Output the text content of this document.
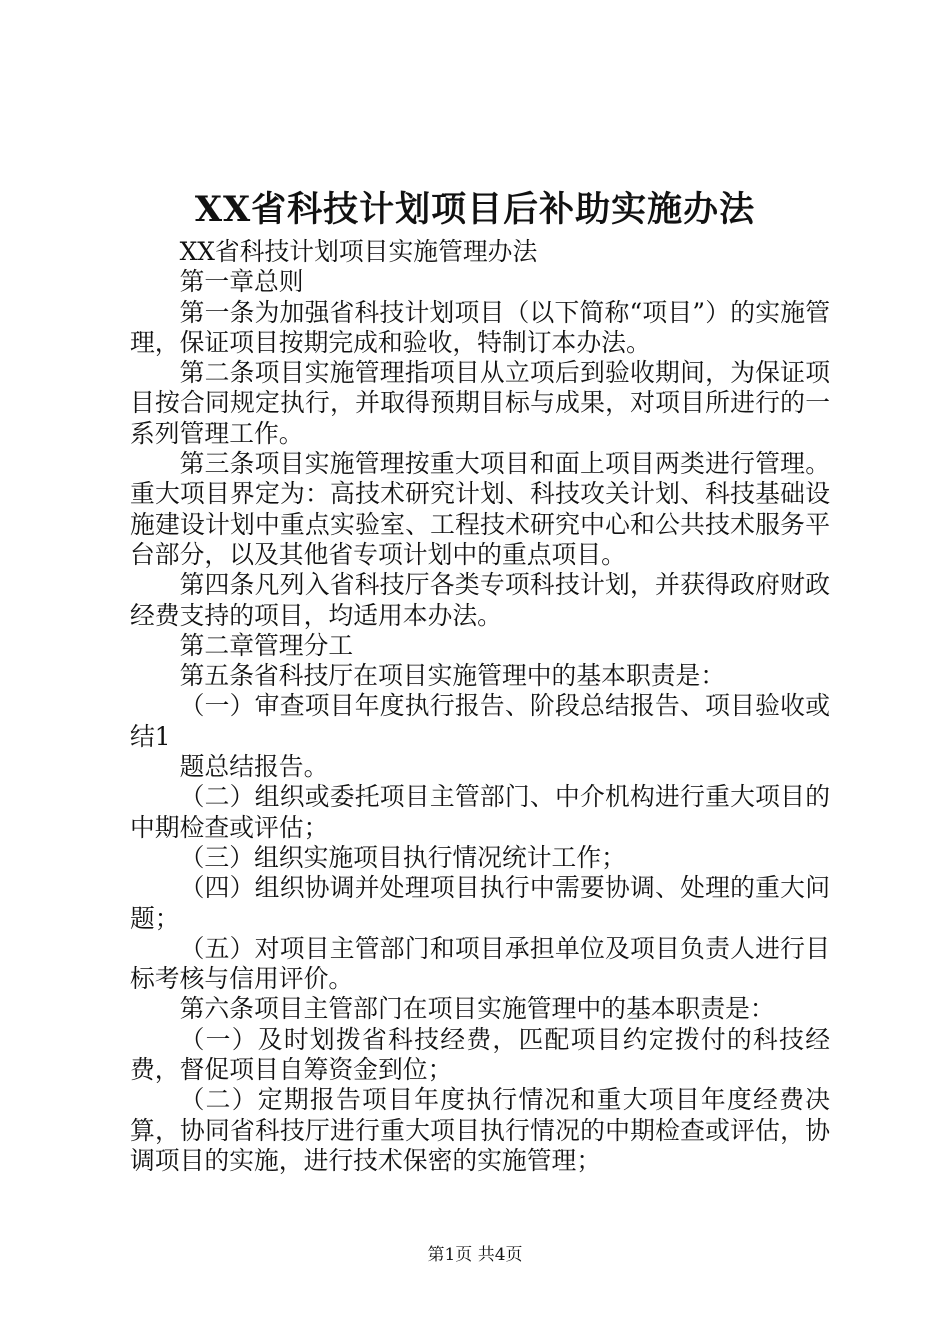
XX省科技计划项目后补助实施办法

XX省科技计划项目实施管理办法

第一章总则

第一条为加强省科技计划项目（以下简称“项目”）的实施管理，保证项目按期完成和验收，特制订本办法。

第二条项目实施管理指项目从立项后到验收期间，为保证项目按合同规定执行，并取得预期目标与成果，对项目所进行的一系列管理工作。

第三条项目实施管理按重大项目和面上项目两类进行管理。重大项目界定为：高技术研究计划、科技攻关计划、科技基础设施建设计划中重点实验室、工程技术研究中心和公共技术服务平台部分，以及其他省专项计划中的重点项目。

第四条凡列入省科技厅各类专项科技计划，并获得政府财政经费支持的项目，均适用本办法。

第二章管理分工

第五条省科技厅在项目实施管理中的基本职责是：

（一）审查项目年度执行报告、阶段总结报告、项目验收或结1

题总结报告。

（二）组织或委托项目主管部门、中介机构进行重大项目的中期检查或评估；

（三）组织实施项目执行情况统计工作；

（四）组织协调并处理项目执行中需要协调、处理的重大问题；

（五）对项目主管部门和项目承担单位及项目负责人进行目标考核与信用评价。

第六条项目主管部门在项目实施管理中的基本职责是：

（一）及时划拨省科技经费，匹配项目约定拨付的科技经费，督促项目自筹资金到位；

（二）定期报告项目年度执行情况和重大项目年度经费决算，协同省科技厅进行重大项目执行情况的中期检查或评估，协调项目的实施，进行技术保密的实施管理；

第1页 共4页
